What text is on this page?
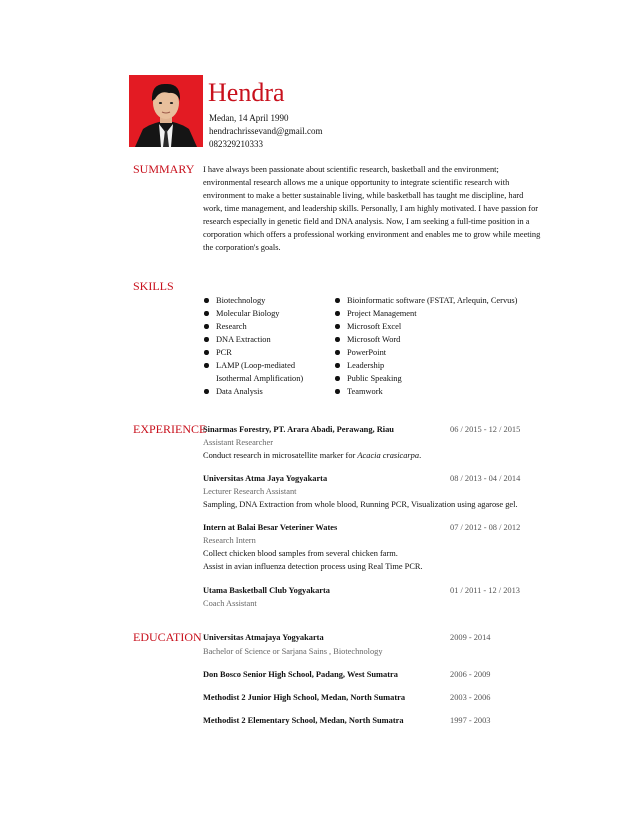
Hendra
Medan, 14 April 1990
hendrachrissevand@gmail.com
082329210333
SUMMARY I have always been passionate about scientific research, basketball and the environment;
environmental research allows me a unique opportunity to integrate scientific research with
environment to make a better sustainable living, while basketball has taught me discipline, hard
work, time management, and leadership skills. Personally, I am highly motivated. I have passion for
research especially in genetic field and DNA analysis. Now, I am seeking a full-time position in a
corporation which offers a professional working environment and enables me to grow while meeting
the corporation's goals.
SKILLS
Biotechnology
Molecular Biology
Research
DNA Extraction
PCR
LAMP (Loop-mediated
Isothermal Amplification)
Data Analysis
Bioinformatic software (FSTAT, Arlequin, Cervus)
Project Management
Microsoft Excel
Microsoft Word
PowerPoint
Leadership
Public Speaking
Teamwork
EXPERIENCE
Sinarmas Forestry, PT. Arara Abadi, Perawang, Riau	06 / 2015 - 12 / 2015
Assistant Researcher
Conduct research in microsatellite marker for Acacia crasicarpa.
Universitas Atma Jaya Yogyakarta	08 / 2013 - 04 / 2014
Lecturer Research Assistant
Sampling, DNA Extraction from whole blood, Running PCR, Visualization using agarose gel.
Intern at Balai Besar Veteriner Wates	07 / 2012 - 08 / 2012
Research Intern
Collect chicken blood samples from several chicken farm.
Assist in avian influenza detection process using Real Time PCR.
Utama Basketball Club Yogyakarta	01 / 2011 - 12 / 2013
Coach Assistant
EDUCATION Universitas Atmajaya Yogyakarta	2009 - 2014
Bachelor of Science or Sarjana Sains , Biotechnology
Don Bosco Senior High School, Padang, West Sumatra	2006 - 2009
Methodist 2 Junior High School, Medan, North Sumatra	2003 - 2006
Methodist 2 Elementary School, Medan, North Sumatra	1997 - 2003
